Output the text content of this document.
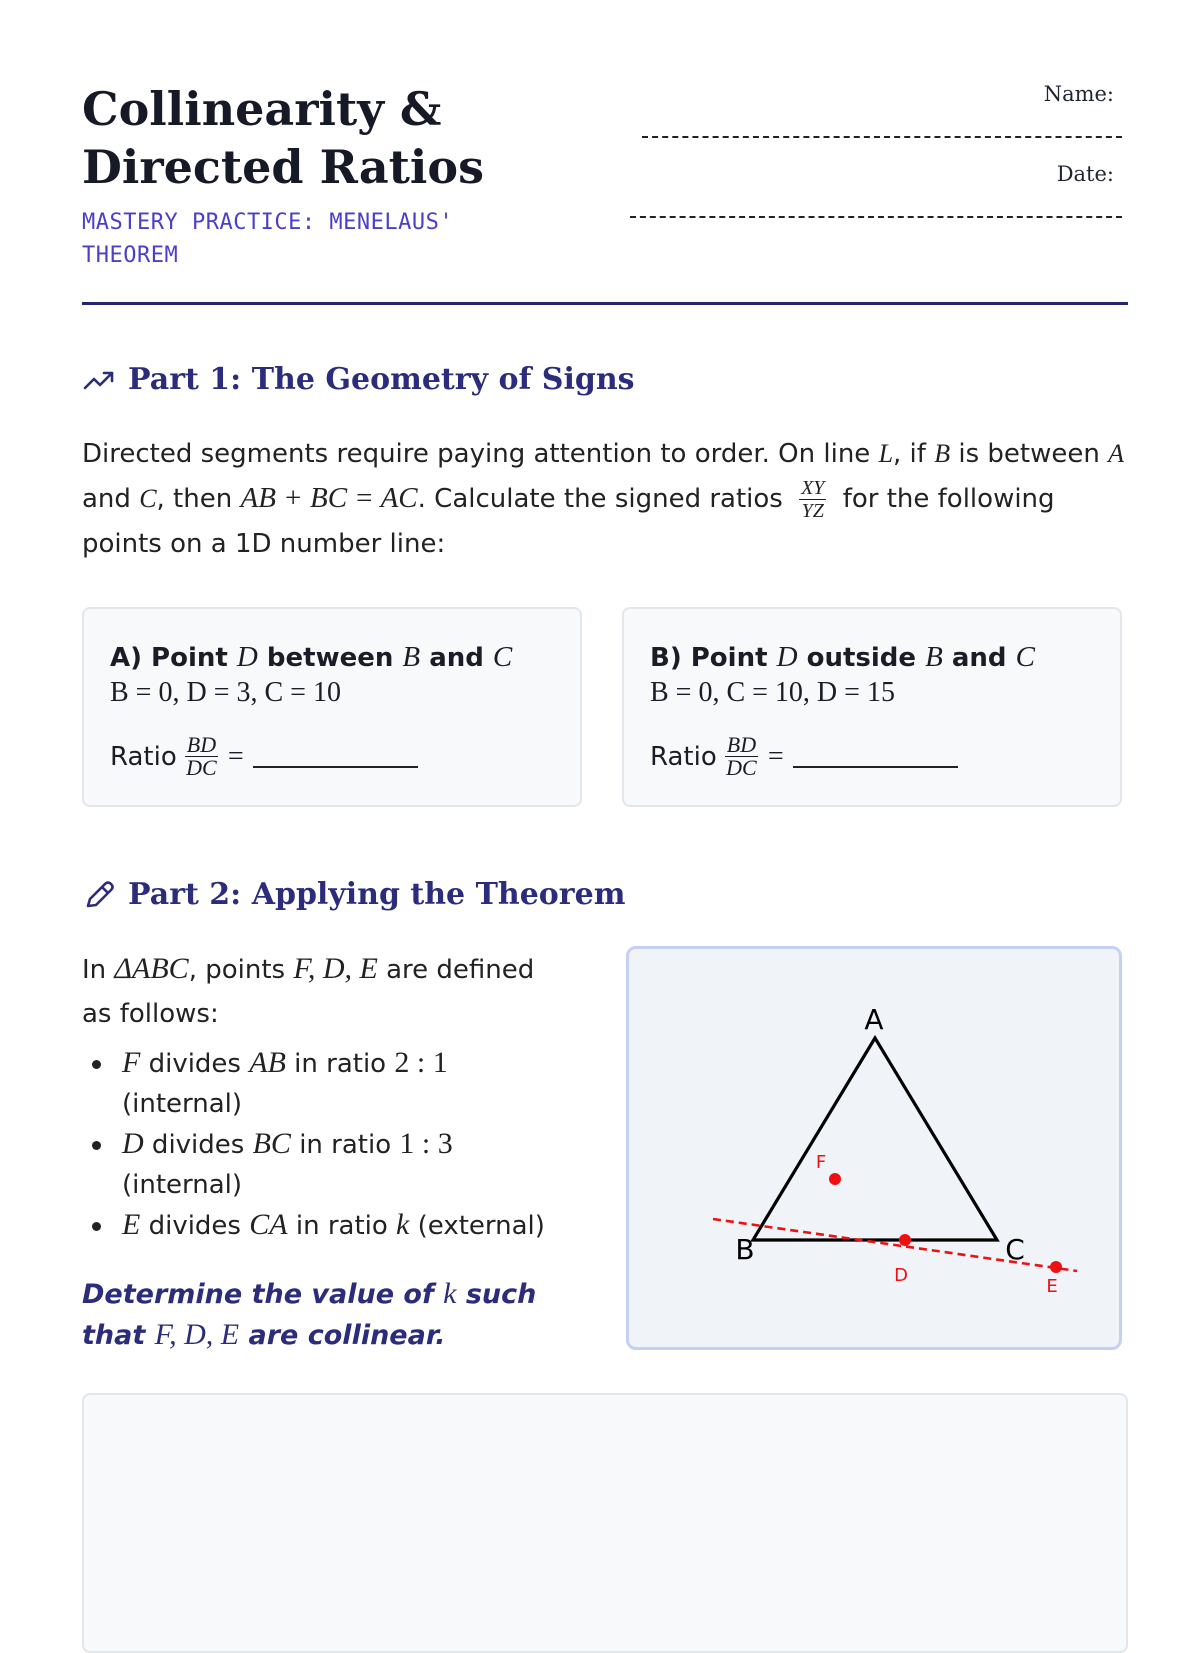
Collinearity & Directed Ratios

MASTERY PRACTICE: MENELAUS' THEOREM

Name:
Date:
Part 1: The Geometry of Signs

Directed segments require paying attention to order. On line L, if B is between A and C, then AB + BC = AC. Calculate the signed ratios $\frac{XY}{YZ}$ for the following points on a 1D number line:

A) Point D between B and C
B = 0, D = 3, C = 10
Ratio $\frac{BD}{DC}$ =
B) Point D outside B and C
B = 0, C = 10, D = 15
Ratio $\frac{BD}{DC}$ =
Part 2: Applying the Theorem

In ΔABC, points F, D, E are defined as follows:

F divides AB in ratio 2 : 1 (internal)
D divides BC in ratio 1 : 3 (internal)
E divides CA in ratio k (external)

Determine the value of k such that F, D, E are collinear.

A
B	C
F
D
E
